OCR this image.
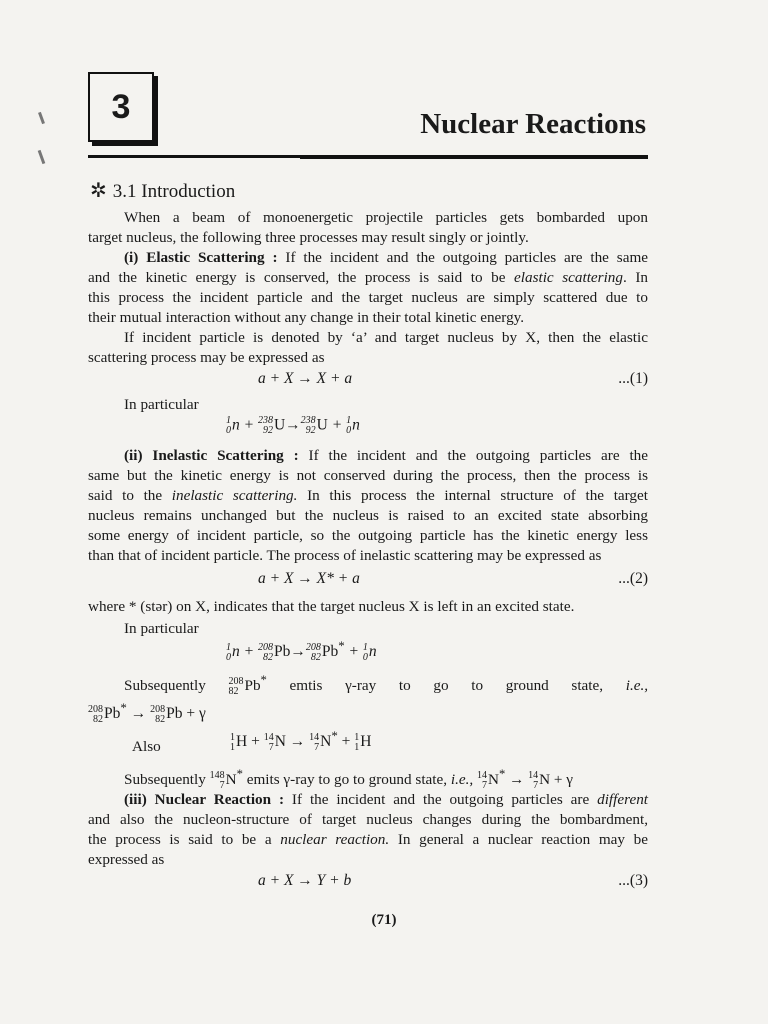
3	Nuclear Reactions
✲ 3.1 Introduction
When a beam of monoenergetic projectile particles gets bombarded upon
target nucleus, the following three processes may result singly or jointly.
(i) Elastic Scattering : If the incident and the outgoing particles are the same
and the kinetic energy is conserved, the process is said to be elastic scattering. In
this process the incident particle and the target nucleus are simply scattered due to
their mutual interaction without any change in their total kinetic energy.
If incident particle is denoted by ‘a’ and target nucleus by X, then the elastic
scattering process may be expressed as
a + X → X + a	...(1)
In particular
1
0 n + 238
92 U→ 238
92 U + 1
0 n
(ii) Inelastic Scattering : If the incident and the outgoing particles are the
same but the kinetic energy is not conserved during the process, then the process is
said to the inelastic scattering. In this process the internal structure of the target
nucleus remains unchanged but the nucleus is raised to an excited state absorbing
some energy of incident particle, so the outgoing particle has the kinetic energy less
than that of incident particle. The process of inelastic scattering may be expressed as
a + X → X* + a	...(2)
where * (stər) on X, indicates that the target nucleus X is left in an excited state.
In particular
1
0 n + 208
82 Pb→ 208
82 Pb* + 1
0 n
Subsequently 208
82 Pb* emtis γ-ray to go to ground state, i.e.,
208
82 Pb* → 208
82 Pb + γ
Also
1
1 H + 14
7 N → 14
7 N* + 1
1 H
Subsequently 148
7 N* emits γ-ray to go to ground state, i.e., 14
7 N* → 14
7 N + γ
(iii) Nuclear Reaction : If the incident and the outgoing particles are different
and also the nucleon-structure of target nucleus changes during the bombardment,
the process is said to be a nuclear reaction. In general a nuclear reaction may be
expressed as
a + X → Y + b	...(3)
(71)
